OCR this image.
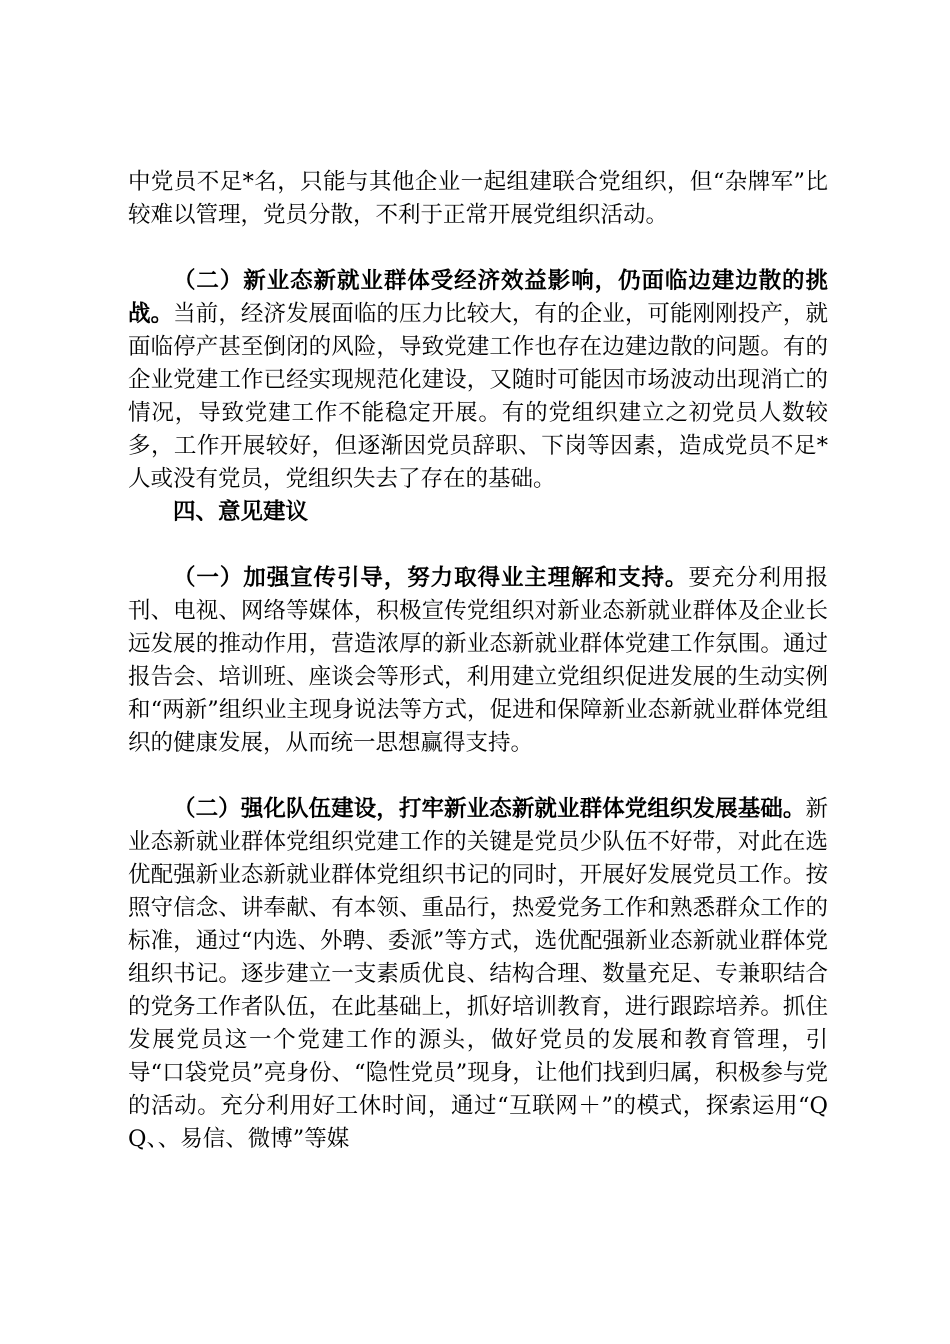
中党员不足*名，只能与其他企业一起组建联合党组织，但“杂牌军”比较难以管理，党员分散，不利于正常开展党组织活动。

（二）新业态新就业群体受经济效益影响，仍面临边建边散的挑战。当前，经济发展面临的压力比较大，有的企业，可能刚刚投产，就面临停产甚至倒闭的风险，导致党建工作也存在边建边散的问题。有的企业党建工作已经实现规范化建设，又随时可能因市场波动出现消亡的情况，导致党建工作不能稳定开展。有的党组织建立之初党员人数较多，工作开展较好，但逐渐因党员辞职、下岗等因素，造成党员不足*人或没有党员，党组织失去了存在的基础。

四、意见建议

（一）加强宣传引导，努力取得业主理解和支持。要充分利用报刊、电视、网络等媒体，积极宣传党组织对新业态新就业群体及企业长远发展的推动作用，营造浓厚的新业态新就业群体党建工作氛围。通过报告会、培训班、座谈会等形式，利用建立党组织促进发展的生动实例和“两新”组织业主现身说法等方式，促进和保障新业态新就业群体党组织的健康发展，从而统一思想赢得支持。

（二）强化队伍建设，打牢新业态新就业群体党组织发展基础。新业态新就业群体党组织党建工作的关键是党员少队伍不好带，对此在选优配强新业态新就业群体党组织书记的同时，开展好发展党员工作。按照守信念、讲奉献、有本领、重品行，热爱党务工作和熟悉群众工作的标准，通过“内选、外聘、委派”等方式，选优配强新业态新就业群体党组织书记。逐步建立一支素质优良、结构合理、数量充足、专兼职结合的党务工作者队伍，在此基础上，抓好培训教育，进行跟踪培养。抓住发展党员这一个党建工作的源头，做好党员的发展和教育管理，引导“口袋党员”亮身份、“隐性党员”现身，让他们找到归属，积极参与党的活动。充分利用好工休时间，通过“互联网＋”的模式，探索运用“QQ、、易信、微博”等媒
